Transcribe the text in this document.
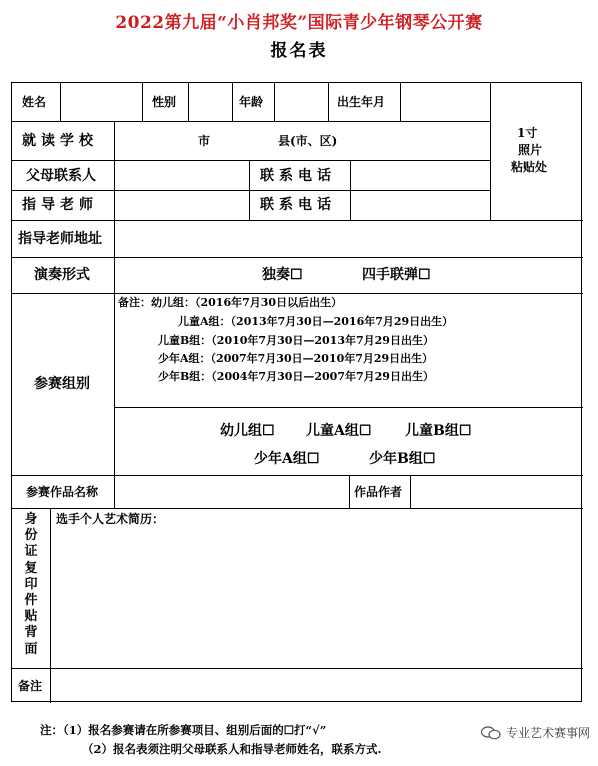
2022第九届“小肖邦奖”国际青少年钢琴公开赛
报名表
姓名	性别	年龄	出生年月
1寸
照片
粘贴处
就读学校	市	县(市、区)
父母联系人	联系电话
指导老师	联系电话
指导老师地址
演奏形式	独奏☐	四手联弹☐
参赛组别
备注：幼儿组：（2016年7月30日以后出生）
儿童A组：（2013年7月30日—2016年7月29日出生）
儿童B组：（2010年7月30日—2013年7月29日出生）
少年A组：（2007年7月30日—2010年7月29日出生）
少年B组：（2004年7月30日—2007年7月29日出生）
幼儿组☐ 儿童A组☐ 儿童B组☐
少年A组☐	少年B组☐
参赛作品名称	作品作者
身份证复印件贴背面
选手个人艺术简历：
备注
注：（1）报名参赛请在所参赛项目、组别后面的☐打“√”
（2）报名表须注明父母联系人和指导老师姓名，联系方式.
专业艺术赛事网
